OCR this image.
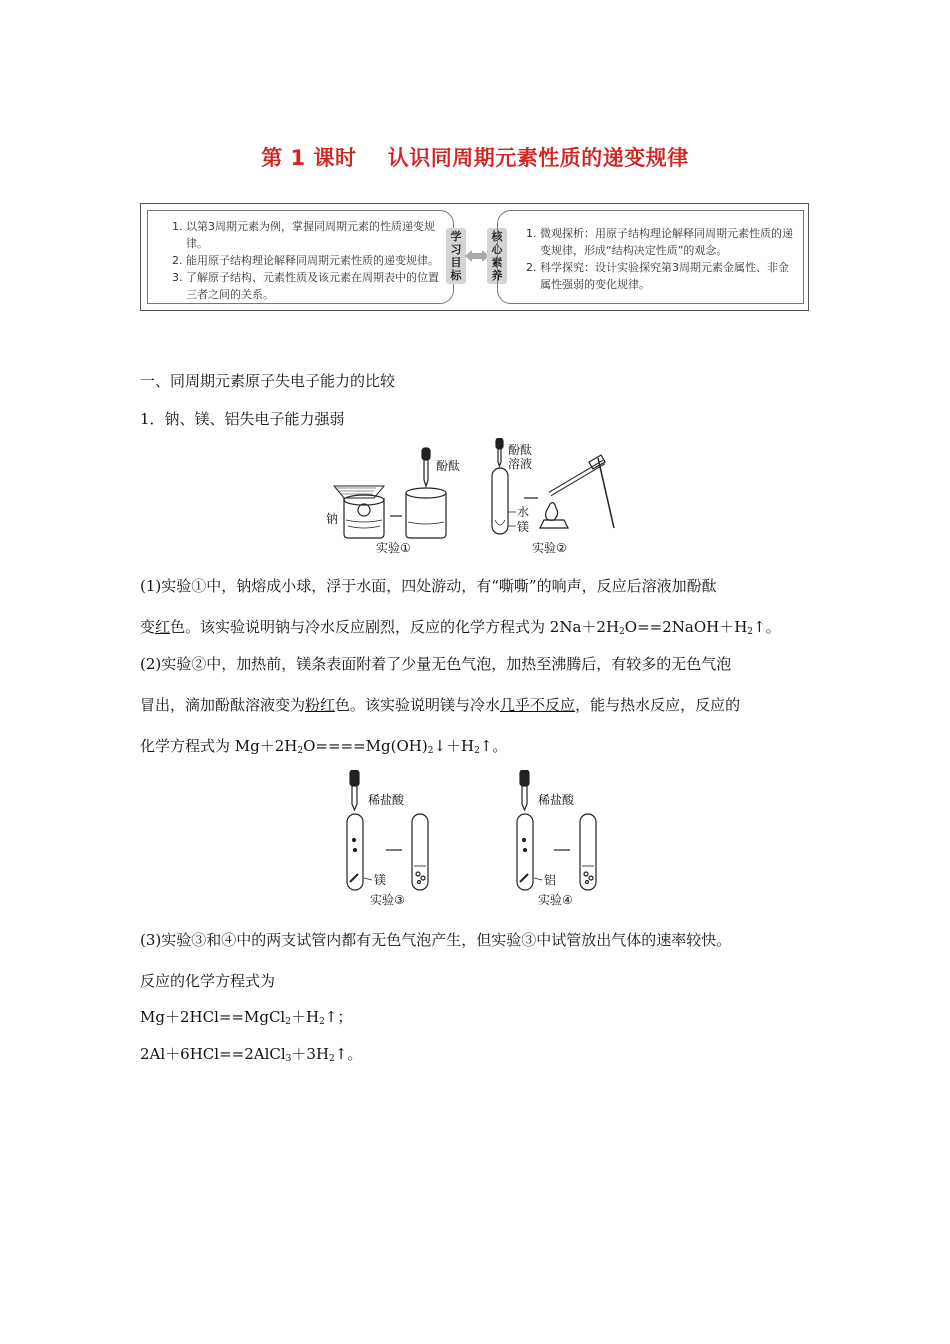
第 1 课时    认识同周期元素性质的递变规律
1. 以第3周期元素为例，掌握同周期元素的性质递变规律。
2. 能用原子结构理论解释同周期元素性质的递变规律。
3. 了解原子结构、元素性质及该元素在周期表中的位置三者之间的关系。
学习目标
核心素养
1. 微观探析：用原子结构理论解释同周期元素性质的递变规律，形成“结构决定性质”的观念。
2. 科学探究：设计实验探究第3周期元素金属性、非金属性强弱的变化规律。
一、同周期元素原子失电子能力的比较
1．钠、镁、铝失电子能力强弱
钠
酚酞
酚酞
溶液
水
镁
实验①	实验②
(1)实验①中，钠熔成小球，浮于水面，四处游动，有“嘶嘶”的响声，反应后溶液加酚酞
变红色。该实验说明钠与冷水反应剧烈，反应的化学方程式为 $2Na+2H_2O==2NaOH+H_2↑$。
(2)实验②中，加热前，镁条表面附着了少量无色气泡，加热至沸腾后，有较多的无色气泡
冒出，滴加酚酞溶液变为粉红色。该实验说明镁与冷水几乎不反应，能与热水反应，反应的
化学方程式为 $Mg+2H_2O====Mg(OH)_2↓+H_2↑$。
稀盐酸	稀盐酸
镁	铝
实验③	实验④
(3)实验③和④中的两支试管内都有无色气泡产生，但实验③中试管放出气体的速率较快。
反应的化学方程式为
$Mg+2HCl==MgCl_2+H_2↑$；
$2Al+6HCl==2AlCl_3+3H_2↑$。
